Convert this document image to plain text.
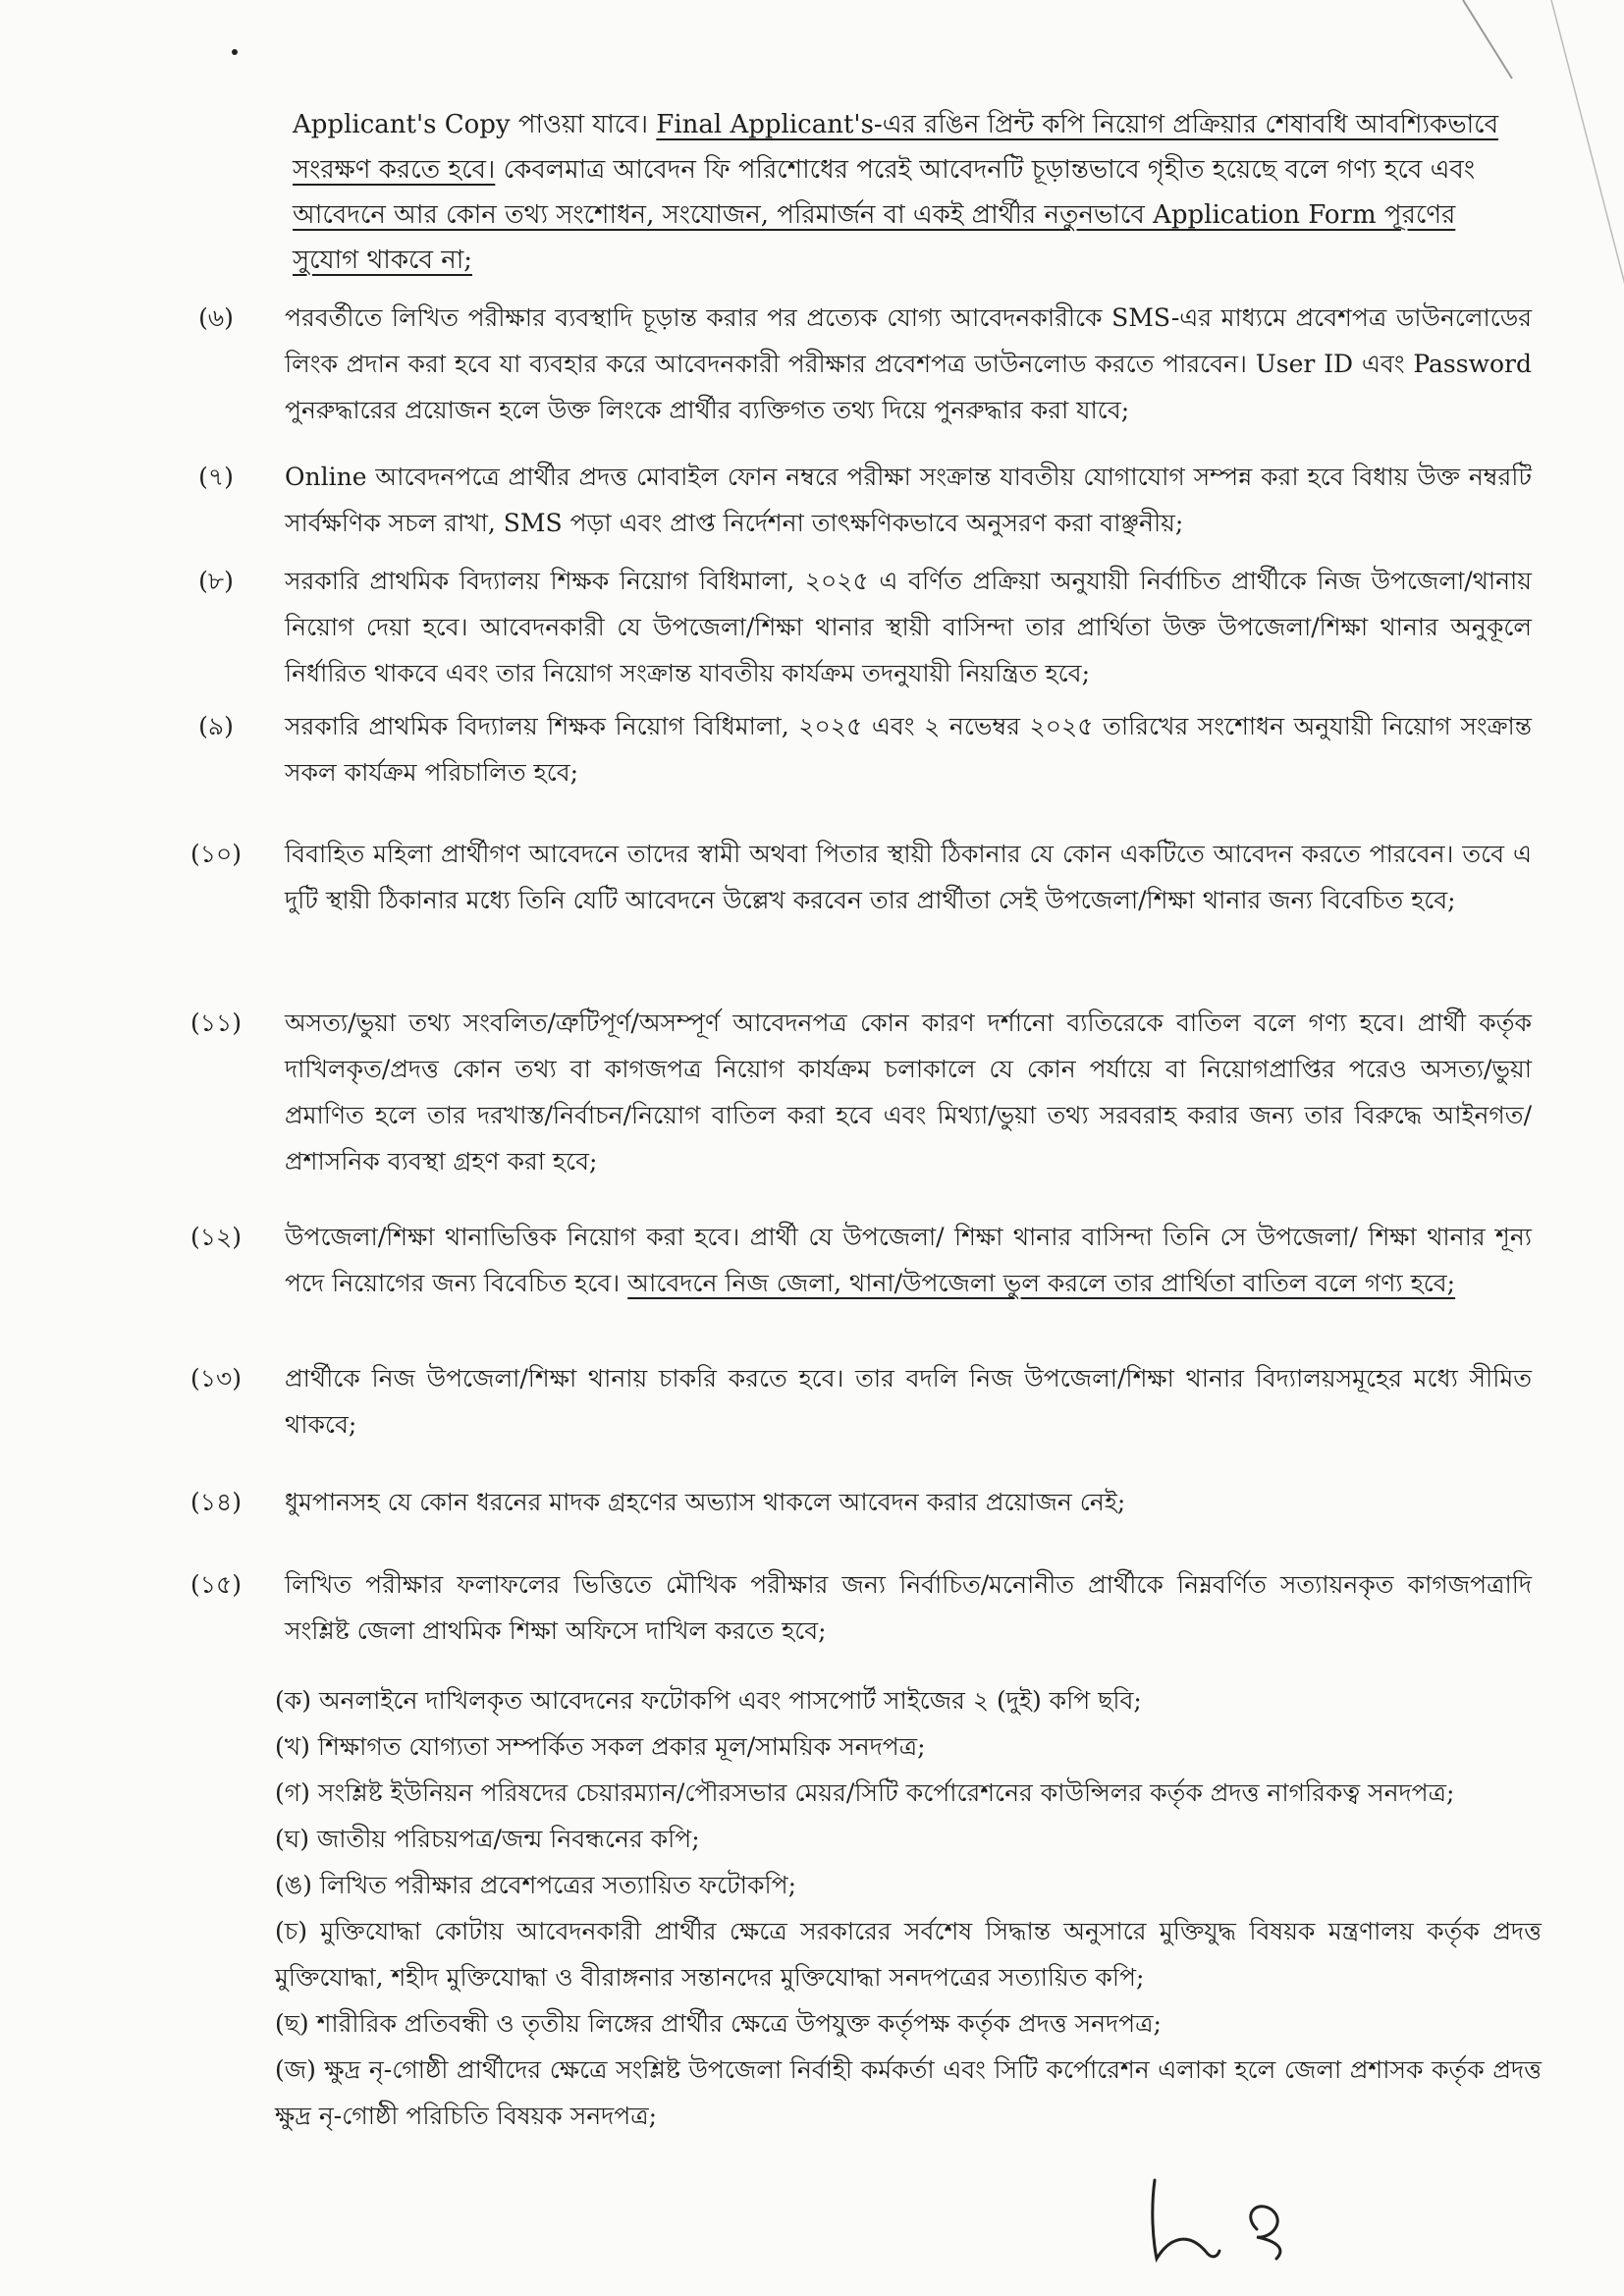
Applicant's Copy পাওয়া যাবে। Final Applicant's-এর রঙিন প্রিন্ট কপি নিয়োগ প্রক্রিয়ার শেষাবধি আবশ্যিকভাবে সংরক্ষণ করতে হবে। কেবলমাত্র আবেদন ফি পরিশোধের পরেই আবেদনটি চূড়ান্তভাবে গৃহীত হয়েছে বলে গণ্য হবে এবং আবেদনে আর কোন তথ্য সংশোধন, সংযোজন, পরিমার্জন বা একই প্রার্থীর নতুনভাবে Application Form পূরণের সুযোগ থাকবে না;
(৬)	পরবর্তীতে লিখিত পরীক্ষার ব্যবস্থাদি চূড়ান্ত করার পর প্রত্যেক যোগ্য আবেদনকারীকে SMS-এর মাধ্যমে প্রবেশপত্র ডাউনলোডের লিংক প্রদান করা হবে যা ব্যবহার করে আবেদনকারী পরীক্ষার প্রবেশপত্র ডাউনলোড করতে পারবেন। User ID এবং Password পুনরুদ্ধারের প্রয়োজন হলে উক্ত লিংকে প্রার্থীর ব্যক্তিগত তথ্য দিয়ে পুনরুদ্ধার করা যাবে;
(৭)	Online আবেদনপত্রে প্রার্থীর প্রদত্ত মোবাইল ফোন নম্বরে পরীক্ষা সংক্রান্ত যাবতীয় যোগাযোগ সম্পন্ন করা হবে বিধায় উক্ত নম্বরটি সার্বক্ষণিক সচল রাখা, SMS পড়া এবং প্রাপ্ত নির্দেশনা তাৎক্ষণিকভাবে অনুসরণ করা বাঞ্ছনীয়;
(৮)	সরকারি প্রাথমিক বিদ্যালয় শিক্ষক নিয়োগ বিধিমালা, ২০২৫ এ বর্ণিত প্রক্রিয়া অনুযায়ী নির্বাচিত প্রার্থীকে নিজ উপজেলা/থানায় নিয়োগ দেয়া হবে। আবেদনকারী যে উপজেলা/শিক্ষা থানার স্থায়ী বাসিন্দা তার প্রার্থিতা উক্ত উপজেলা/শিক্ষা থানার অনুকূলে নির্ধারিত থাকবে এবং তার নিয়োগ সংক্রান্ত যাবতীয় কার্যক্রম তদনুযায়ী নিয়ন্ত্রিত হবে;
(৯)	সরকারি প্রাথমিক বিদ্যালয় শিক্ষক নিয়োগ বিধিমালা, ২০২৫ এবং ২ নভেম্বর ২০২৫ তারিখের সংশোধন অনুযায়ী নিয়োগ সংক্রান্ত সকল কার্যক্রম পরিচালিত হবে;
(১০)	বিবাহিত মহিলা প্রার্থীগণ আবেদনে তাদের স্বামী অথবা পিতার স্থায়ী ঠিকানার যে কোন একটিতে আবেদন করতে পারবেন। তবে এ দুটি স্থায়ী ঠিকানার মধ্যে তিনি যেটি আবেদনে উল্লেখ করবেন তার প্রার্থীতা সেই উপজেলা/শিক্ষা থানার জন্য বিবেচিত হবে;
(১১)	অসত্য/ভুয়া তথ্য সংবলিত/ত্রুটিপূর্ণ/অসম্পূর্ণ আবেদনপত্র কোন কারণ দর্শানো ব্যতিরেকে বাতিল বলে গণ্য হবে। প্রার্থী কর্তৃক দাখিলকৃত/প্রদত্ত কোন তথ্য বা কাগজপত্র নিয়োগ কার্যক্রম চলাকালে যে কোন পর্যায়ে বা নিয়োগপ্রাপ্তির পরেও অসত্য/ভুয়া প্রমাণিত হলে তার দরখাস্ত/নির্বাচন/নিয়োগ বাতিল করা হবে এবং মিথ্যা/ভুয়া তথ্য সরবরাহ করার জন্য তার বিরুদ্ধে আইনগত/প্রশাসনিক ব্যবস্থা গ্রহণ করা হবে;
(১২)	উপজেলা/শিক্ষা থানাভিত্তিক নিয়োগ করা হবে। প্রার্থী যে উপজেলা/ শিক্ষা থানার বাসিন্দা তিনি সে উপজেলা/ শিক্ষা থানার শূন্য পদে নিয়োগের জন্য বিবেচিত হবে। আবেদনে নিজ জেলা, থানা/উপজেলা ভুল করলে তার প্রার্থিতা বাতিল বলে গণ্য হবে;
(১৩)	প্রার্থীকে নিজ উপজেলা/শিক্ষা থানায় চাকরি করতে হবে। তার বদলি নিজ উপজেলা/শিক্ষা থানার বিদ্যালয়সমূহের মধ্যে সীমিত থাকবে;
(১৪)	ধুমপানসহ যে কোন ধরনের মাদক গ্রহণের অভ্যাস থাকলে আবেদন করার প্রয়োজন নেই;
(১৫)	লিখিত পরীক্ষার ফলাফলের ভিত্তিতে মৌখিক পরীক্ষার জন্য নির্বাচিত/মনোনীত প্রার্থীকে নিম্নবর্ণিত সত্যায়নকৃত কাগজপত্রাদি সংশ্লিষ্ট জেলা প্রাথমিক শিক্ষা অফিসে দাখিল করতে হবে;
(ক) অনলাইনে দাখিলকৃত আবেদনের ফটোকপি এবং পাসপোর্ট সাইজের ২ (দুই) কপি ছবি;
(খ) শিক্ষাগত যোগ্যতা সম্পর্কিত সকল প্রকার মূল/সাময়িক সনদপত্র;
(গ) সংশ্লিষ্ট ইউনিয়ন পরিষদের চেয়ারম্যান/পৌরসভার মেয়র/সিটি কর্পোরেশনের কাউন্সিলর কর্তৃক প্রদত্ত নাগরিকত্ব সনদপত্র;
(ঘ) জাতীয় পরিচয়পত্র/জন্ম নিবন্ধনের কপি;
(ঙ) লিখিত পরীক্ষার প্রবেশপত্রের সত্যায়িত ফটোকপি;
(চ) মুক্তিযোদ্ধা কোটায় আবেদনকারী প্রার্থীর ক্ষেত্রে সরকারের সর্বশেষ সিদ্ধান্ত অনুসারে মুক্তিযুদ্ধ বিষয়ক মন্ত্রণালয় কর্তৃক প্রদত্ত মুক্তিযোদ্ধা, শহীদ মুক্তিযোদ্ধা ও বীরাঙ্গনার সন্তানদের মুক্তিযোদ্ধা সনদপত্রের সত্যায়িত কপি;
(ছ) শারীরিক প্রতিবন্ধী ও তৃতীয় লিঙ্গের প্রার্থীর ক্ষেত্রে উপযুক্ত কর্তৃপক্ষ কর্তৃক প্রদত্ত সনদপত্র;
(জ) ক্ষুদ্র নৃ-গোষ্ঠী প্রার্থীদের ক্ষেত্রে সংশ্লিষ্ট উপজেলা নির্বাহী কর্মকর্তা এবং সিটি কর্পোরেশন এলাকা হলে জেলা প্রশাসক কর্তৃক প্রদত্ত ক্ষুদ্র নৃ-গোষ্ঠী পরিচিতি বিষয়ক সনদপত্র;
